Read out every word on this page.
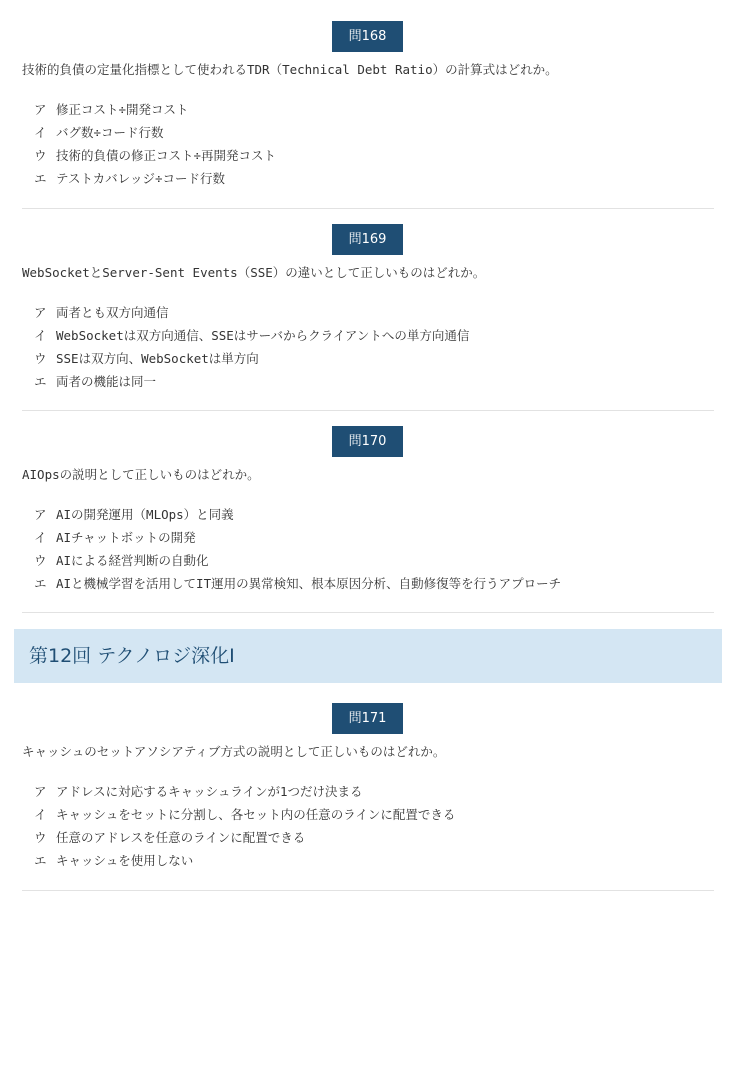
問168
技術的負債の定量化指標として使われるTDR（Technical Debt Ratio）の計算式はどれか。
ア 修正コスト÷開発コスト
イ バグ数÷コード行数
ウ 技術的負債の修正コスト÷再開発コスト
エ テストカバレッジ÷コード行数
問169
WebSocketとServer-Sent Events（SSE）の違いとして正しいものはどれか。
ア 両者とも双方向通信
イ WebSocketは双方向通信、SSEはサーバからクライアントへの単方向通信
ウ SSEは双方向、WebSocketは単方向
エ 両者の機能は同一
問170
AIOpsの説明として正しいものはどれか。
ア AIの開発運用（MLOps）と同義
イ AIチャットボットの開発
ウ AIによる経営判断の自動化
エ AIと機械学習を活用してIT運用の異常検知、根本原因分析、自動修復等を行うアプローチ
第12回 テクノロジ深化Ⅰ
問171
キャッシュのセットアソシアティブ方式の説明として正しいものはどれか。
ア アドレスに対応するキャッシュラインが1つだけ決まる
イ キャッシュをセットに分割し、各セット内の任意のラインに配置できる
ウ 任意のアドレスを任意のラインに配置できる
エ キャッシュを使用しない
